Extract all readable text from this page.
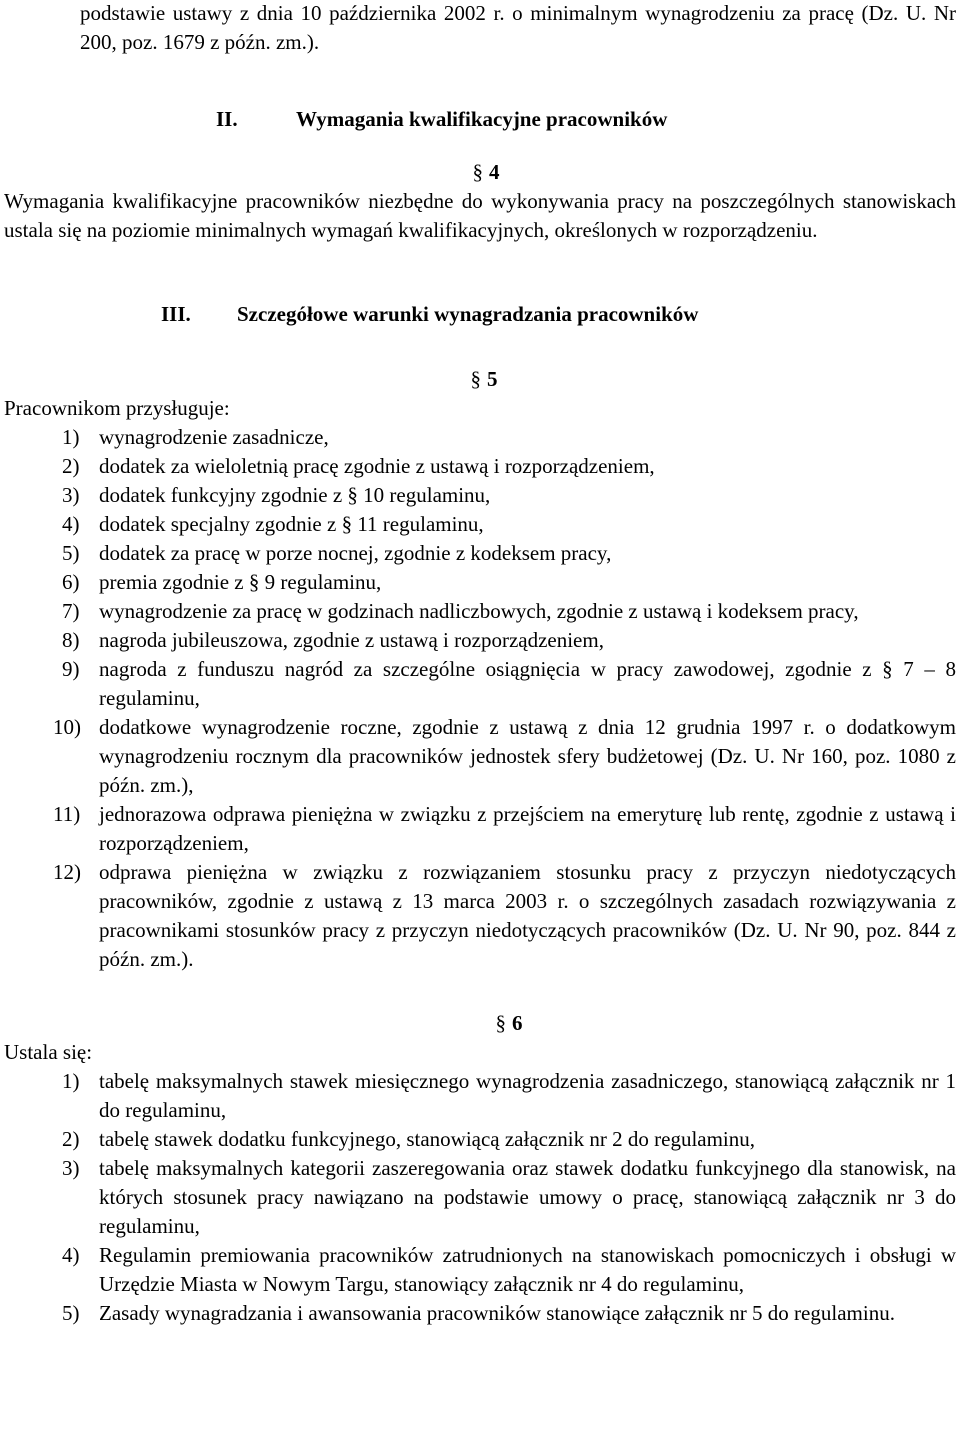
podstawie ustawy z dnia 10 października 2002 r. o minimalnym wynagrodzeniu za pracę (Dz. U. Nr 200, poz. 1679 z późn. zm.).

II.	Wymagania kwalifikacyjne pracowników

§ 4

Wymagania kwalifikacyjne pracowników niezbędne do wykonywania pracy na poszczególnych stanowiskach ustala się na poziomie minimalnych wymagań kwalifikacyjnych, określonych w rozporządzeniu.

III. Szczegółowe warunki wynagradzania pracowników

§ 5

Pracownikom przysługuje:

1) wynagrodzenie zasadnicze,
2) dodatek za wieloletnią pracę zgodnie z ustawą i rozporządzeniem,
3) dodatek funkcyjny zgodnie z § 10 regulaminu,
4) dodatek specjalny zgodnie z § 11 regulaminu,
5) dodatek za pracę w porze nocnej, zgodnie z kodeksem pracy,
6) premia zgodnie z § 9 regulaminu,
7) wynagrodzenie za pracę w godzinach nadliczbowych, zgodnie z ustawą i kodeksem pracy,
8) nagroda jubileuszowa, zgodnie z ustawą i rozporządzeniem,
9) nagroda z funduszu nagród za szczególne osiągnięcia w pracy zawodowej, zgodnie z § 7 – 8 regulaminu,
10) dodatkowe wynagrodzenie roczne, zgodnie z ustawą z dnia 12 grudnia 1997 r. o dodatkowym wynagrodzeniu rocznym dla pracowników jednostek sfery budżetowej (Dz. U. Nr 160, poz. 1080 z późn. zm.),
11) jednorazowa odprawa pieniężna w związku z przejściem na emeryturę lub rentę, zgodnie z ustawą i rozporządzeniem,
12) odprawa pieniężna w związku z rozwiązaniem stosunku pracy z przyczyn niedotyczących pracowników, zgodnie z ustawą z 13 marca 2003 r. o szczególnych zasadach rozwiązywania z pracownikami stosunków pracy z przyczyn niedotyczących pracowników (Dz. U. Nr 90, poz. 844 z późn. zm.).

§ 6

Ustala się:

1) tabelę maksymalnych stawek miesięcznego wynagrodzenia zasadniczego, stanowiącą załącznik nr 1 do regulaminu,
2) tabelę stawek dodatku funkcyjnego, stanowiącą załącznik nr 2 do regulaminu,
3) tabelę maksymalnych kategorii zaszeregowania oraz stawek dodatku funkcyjnego dla stanowisk, na których stosunek pracy nawiązano na podstawie umowy o pracę, stanowiącą załącznik nr 3 do regulaminu,
4) Regulamin premiowania pracowników zatrudnionych na stanowiskach pomocniczych i obsługi w Urzędzie Miasta w Nowym Targu, stanowiący załącznik nr 4 do regulaminu,
5) Zasady wynagradzania i awansowania pracowników stanowiące załącznik nr 5 do regulaminu.
